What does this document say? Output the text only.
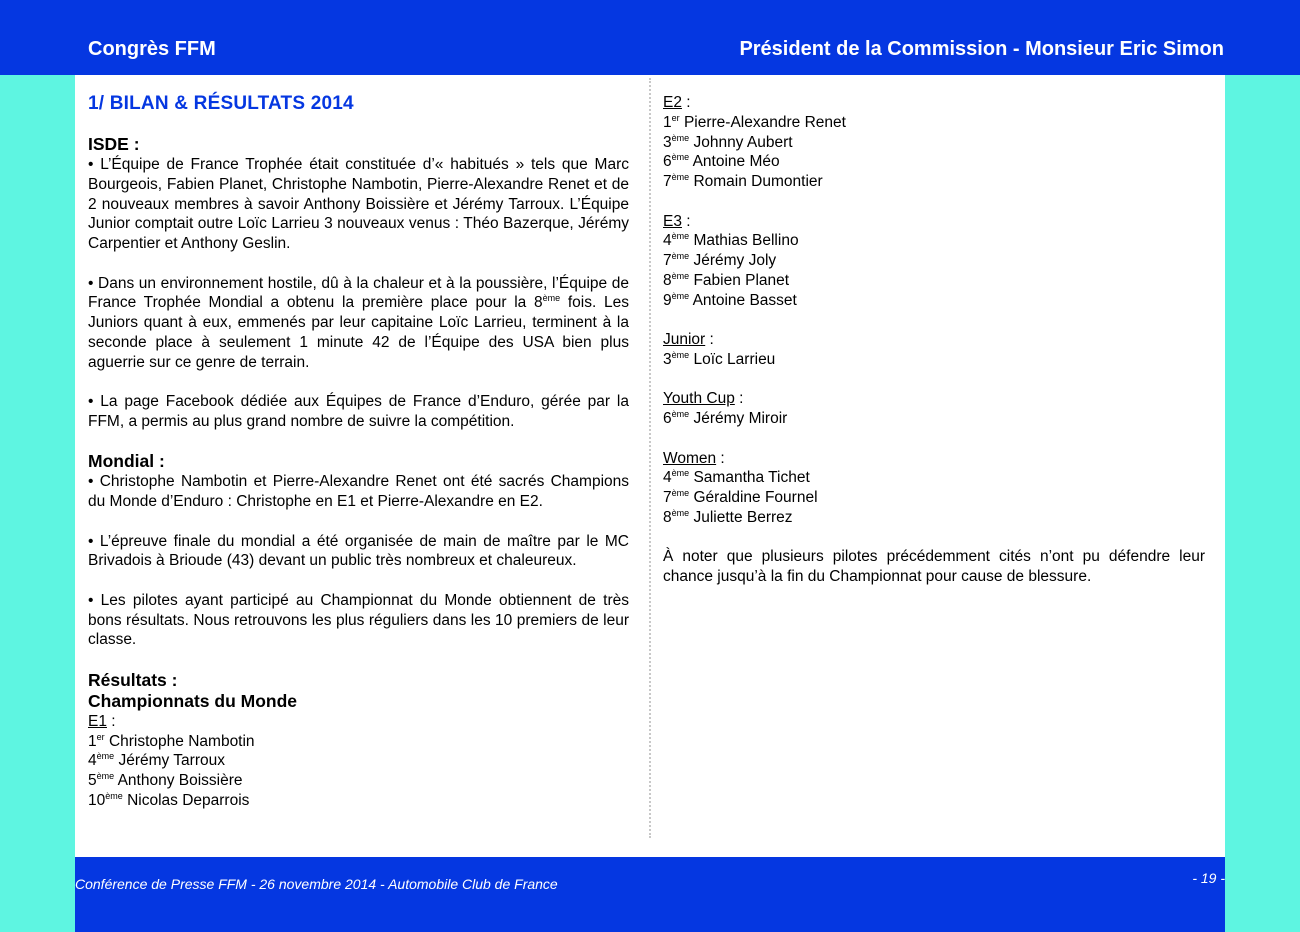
Congrès FFM	Président de la Commission - Monsieur Eric Simon
1/ BILAN & RÉSULTATS 2014
ISDE :

• L’Équipe de France Trophée était constituée d’« habitués » tels que Marc Bourgeois, Fabien Planet, Christophe Nambotin, Pierre-Alexandre Renet et de 2 nouveaux membres à savoir Anthony Boissière et Jérémy Tarroux. L’Équipe Junior comptait outre Loïc Larrieu 3 nouveaux venus : Théo Bazerque, Jérémy Carpentier et Anthony Geslin.

• Dans un environnement hostile, dû à la chaleur et à la poussière, l’Équipe de France Trophée Mondial a obtenu la première place pour la 8ème fois. Les Juniors quant à eux, emmenés par leur capitaine Loïc Larrieu, terminent à la seconde place à seulement 1 minute 42 de l’Équipe des USA bien plus aguerrie sur ce genre de terrain.

• La page Facebook dédiée aux Équipes de France d’Enduro, gérée par la FFM, a permis au plus grand nombre de suivre la compétition.

Mondial :

• Christophe Nambotin et Pierre-Alexandre Renet ont été sacrés Champions du Monde d’Enduro : Christophe en E1 et Pierre-Alexandre en E2.

• L’épreuve finale du mondial a été organisée de main de maître par le MC Brivadois à Brioude (43) devant un public très nombreux et chaleureux.

• Les pilotes ayant participé au Championnat du Monde obtiennent de très bons résultats. Nous retrouvons les plus réguliers dans les 10 premiers de leur classe.

Résultats :
Championnats du Monde
E1 :
1er Christophe Nambotin
4ème Jérémy Tarroux
5ème Anthony Boissière
10ème Nicolas Deparrois
E2 :
1er Pierre-Alexandre Renet
3ème Johnny Aubert
6ème Antoine Méo
7ème Romain Dumontier
E3 :
4ème Mathias Bellino
7ème Jérémy Joly
8ème Fabien Planet
9ème Antoine Basset
Junior :
3ème Loïc Larrieu
Youth Cup :
6ème Jérémy Miroir
Women :
4ème Samantha Tichet
7ème Géraldine Fournel
8ème Juliette Berrez

À noter que plusieurs pilotes précédemment cités n’ont pu défendre leur chance jusqu’à la fin du Championnat pour cause de blessure.

Conférence de Presse FFM - 26 novembre 2014 - Automobile Club de France	- 19 -
